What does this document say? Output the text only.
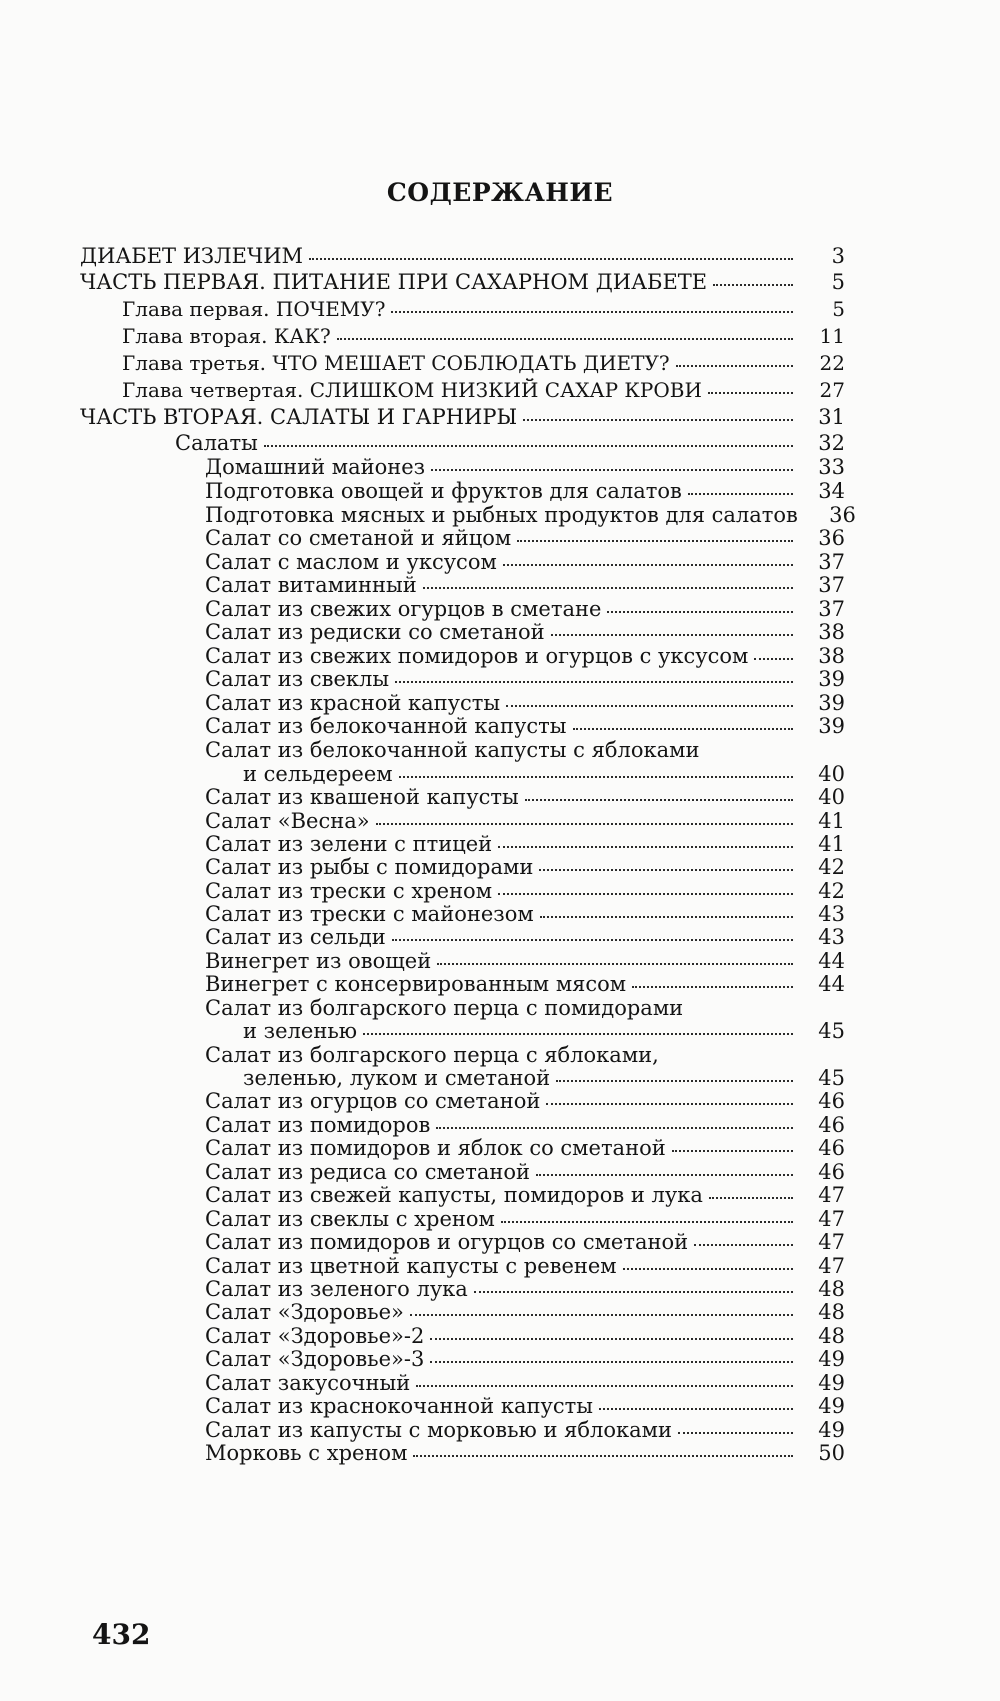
СОДЕРЖАНИЕ
ДИАБЕТ ИЗЛЕЧИМ	3
ЧАСТЬ ПЕРВАЯ. ПИТАНИЕ ПРИ САХАРНОМ ДИАБЕТЕ	5
Глава первая. ПОЧЕМУ?	5
Глава вторая. КАК?	11
Глава третья. ЧТО МЕШАЕТ СОБЛЮДАТЬ ДИЕТУ?	22
Глава четвертая. СЛИШКОМ НИЗКИЙ САХАР КРОВИ	27
ЧАСТЬ ВТОРАЯ. САЛАТЫ И ГАРНИРЫ	31
Салаты	32
Домашний майонез	33
Подготовка овощей и фруктов для салатов	34
Подготовка мясных и рыбных продуктов для салатов	36
Салат со сметаной и яйцом	36
Салат с маслом и уксусом	37
Салат витаминный	37
Салат из свежих огурцов в сметане	37
Салат из редиски со сметаной	38
Салат из свежих помидоров и огурцов с уксусом	38
Салат из свеклы	39
Салат из красной капусты	39
Салат из белокочанной капусты	39
Салат из белокочанной капусты с яблоками
и сельдереем	40
Салат из квашеной капусты	40
Салат «Весна»	41
Салат из зелени с птицей	41
Салат из рыбы с помидорами	42
Салат из трески с хреном	42
Салат из трески с майонезом	43
Салат из сельди	43
Винегрет из овощей	44
Винегрет с консервированным мясом	44
Салат из болгарского перца с помидорами
и зеленью	45
Салат из болгарского перца с яблоками,
зеленью, луком и сметаной	45
Салат из огурцов со сметаной	46
Салат из помидоров	46
Салат из помидоров и яблок со сметаной	46
Салат из редиса со сметаной	46
Салат из свежей капусты, помидоров и лука	47
Салат из свеклы с хреном	47
Салат из помидоров и огурцов со сметаной	47
Салат из цветной капусты с ревенем	47
Салат из зеленого лука	48
Салат «Здоровье»	48
Салат «Здоровье»-2	48
Салат «Здоровье»-3	49
Салат закусочный	49
Салат из краснокочанной капусты	49
Салат из капусты с морковью и яблоками	49
Морковь с хреном	50
432
